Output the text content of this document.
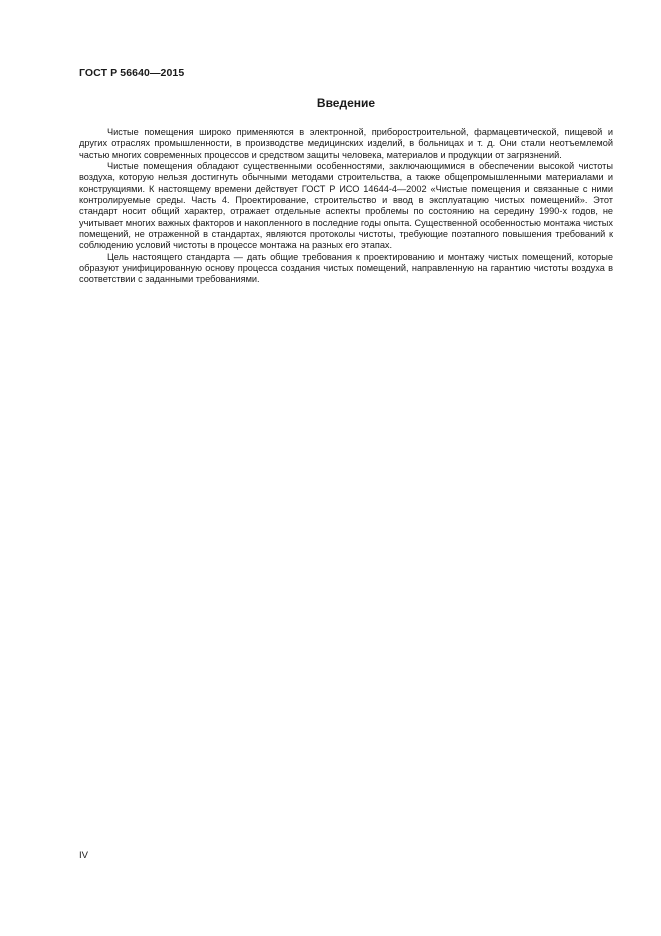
ГОСТ Р 56640—2015
Введение

Чистые помещения широко применяются в электронной, приборостроительной, фармацевтической, пищевой и других отраслях промышленности, в производстве медицинских изделий, в больницах и т. д. Они стали неотъемлемой частью многих современных процессов и средством защиты человека, материалов и продукции от загрязнений.

Чистые помещения обладают существенными особенностями, заключающимися в обеспечении высокой чистоты воздуха, которую нельзя достигнуть обычными методами строительства, а также общепромышленными материалами и конструкциями. К настоящему времени действует ГОСТ Р ИСО 14644-4—2002 «Чистые помещения и связанные с ними контролируемые среды. Часть 4. Проектирование, строительство и ввод в эксплуатацию чистых помещений». Этот стандарт носит общий характер, отражает отдельные аспекты проблемы по состоянию на середину 1990-х годов, не учитывает многих важных факторов и накопленного в последние годы опыта. Существенной особенностью монтажа чистых помещений, не отраженной в стандартах, являются протоколы чистоты, требующие поэтапного повышения требований к соблюдению условий чистоты в процессе монтажа на разных его этапах.

Цель настоящего стандарта — дать общие требования к проектированию и монтажу чистых помещений, которые образуют унифицированную основу процесса создания чистых помещений, направленную на гарантию чистоты воздуха в соответствии с заданными требованиями.

IV
